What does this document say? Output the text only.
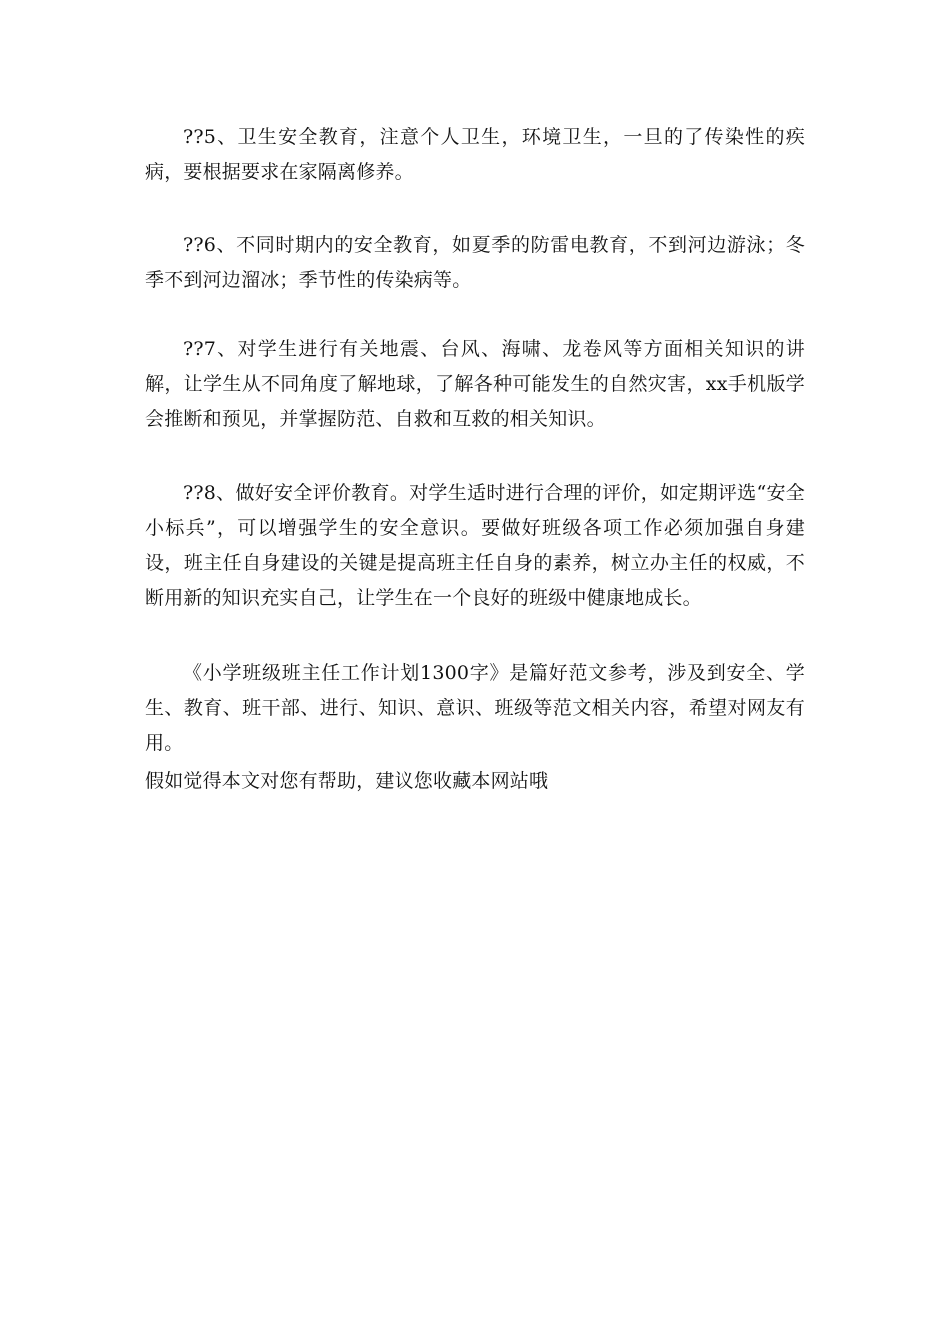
??5、卫生安全教育，注意个人卫生，环境卫生，一旦的了传染性的疾病，要根据要求在家隔离修养。

??6、不同时期内的安全教育，如夏季的防雷电教育，不到河边游泳；冬季不到河边溜冰；季节性的传染病等。

??7、对学生进行有关地震、台风、海啸、龙卷风等方面相关知识的讲解，让学生从不同角度了解地球，了解各种可能发生的自然灾害，xx手机版学会推断和预见，并掌握防范、自救和互救的相关知识。

??8、做好安全评价教育。对学生适时进行合理的评价，如定期评选“安全小标兵”，可以增强学生的安全意识。要做好班级各项工作必须加强自身建设，班主任自身建设的关键是提高班主任自身的素养，树立办主任的权威，不断用新的知识充实自己，让学生在一个良好的班级中健康地成长。

《小学班级班主任工作计划1300字》是篇好范文参考，涉及到安全、学生、教育、班干部、进行、知识、意识、班级等范文相关内容，希望对网友有用。

假如觉得本文对您有帮助，建议您收藏本网站哦
